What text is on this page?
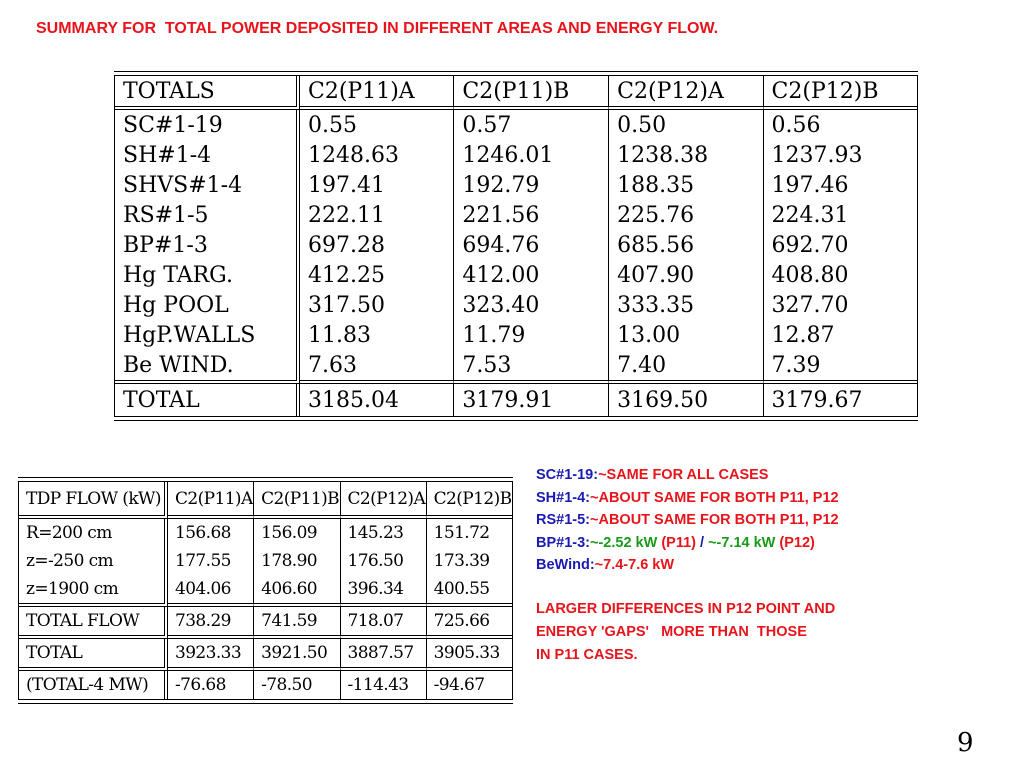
SUMMARY FOR  TOTAL POWER DEPOSITED IN DIFFERENT AREAS AND ENERGY FLOW.
TOTALS	C2(P11)A	C2(P11)B	C2(P12)A	C2(P12)B
SC#1-19	0.55	0.57	0.50	0.56
SH#1-4	1248.63	1246.01	1238.38	1237.93
SHVS#1-4	197.41	192.79	188.35	197.46
RS#1-5	222.11	221.56	225.76	224.31
BP#1-3	697.28	694.76	685.56	692.70
Hg TARG.	412.25	412.00	407.90	408.80
Hg POOL	317.50	323.40	333.35	327.70
HgP.WALLS	11.83	11.79	13.00	12.87
Be WIND.	7.63	7.53	7.40	7.39
TOTAL	3185.04	3179.91	3169.50	3179.67
TDP FLOW (kW)	C2(P11)A	C2(P11)B	C2(P12)A	C2(P12)B
R=200 cm	156.68	156.09	145.23	151.72
z=-250 cm	177.55	178.90	176.50	173.39
z=1900 cm	404.06	406.60	396.34	400.55
TOTAL FLOW	738.29	741.59	718.07	725.66
TOTAL	3923.33	3921.50	3887.57	3905.33
(TOTAL-4 MW)	-76.68	-78.50	-114.43	-94.67
SC#1-19:~SAME FOR ALL CASES
SH#1-4:~ABOUT SAME FOR BOTH P11, P12
RS#1-5:~ABOUT SAME FOR BOTH P11, P12
BP#1-3:~-2.52 kW (P11) / ~-7.14 kW (P12)
BeWind:~7.4-7.6 kW
LARGER DIFFERENCES IN P12 POINT AND
ENERGY 'GAPS'   MORE THAN  THOSE
IN P11 CASES.
9
